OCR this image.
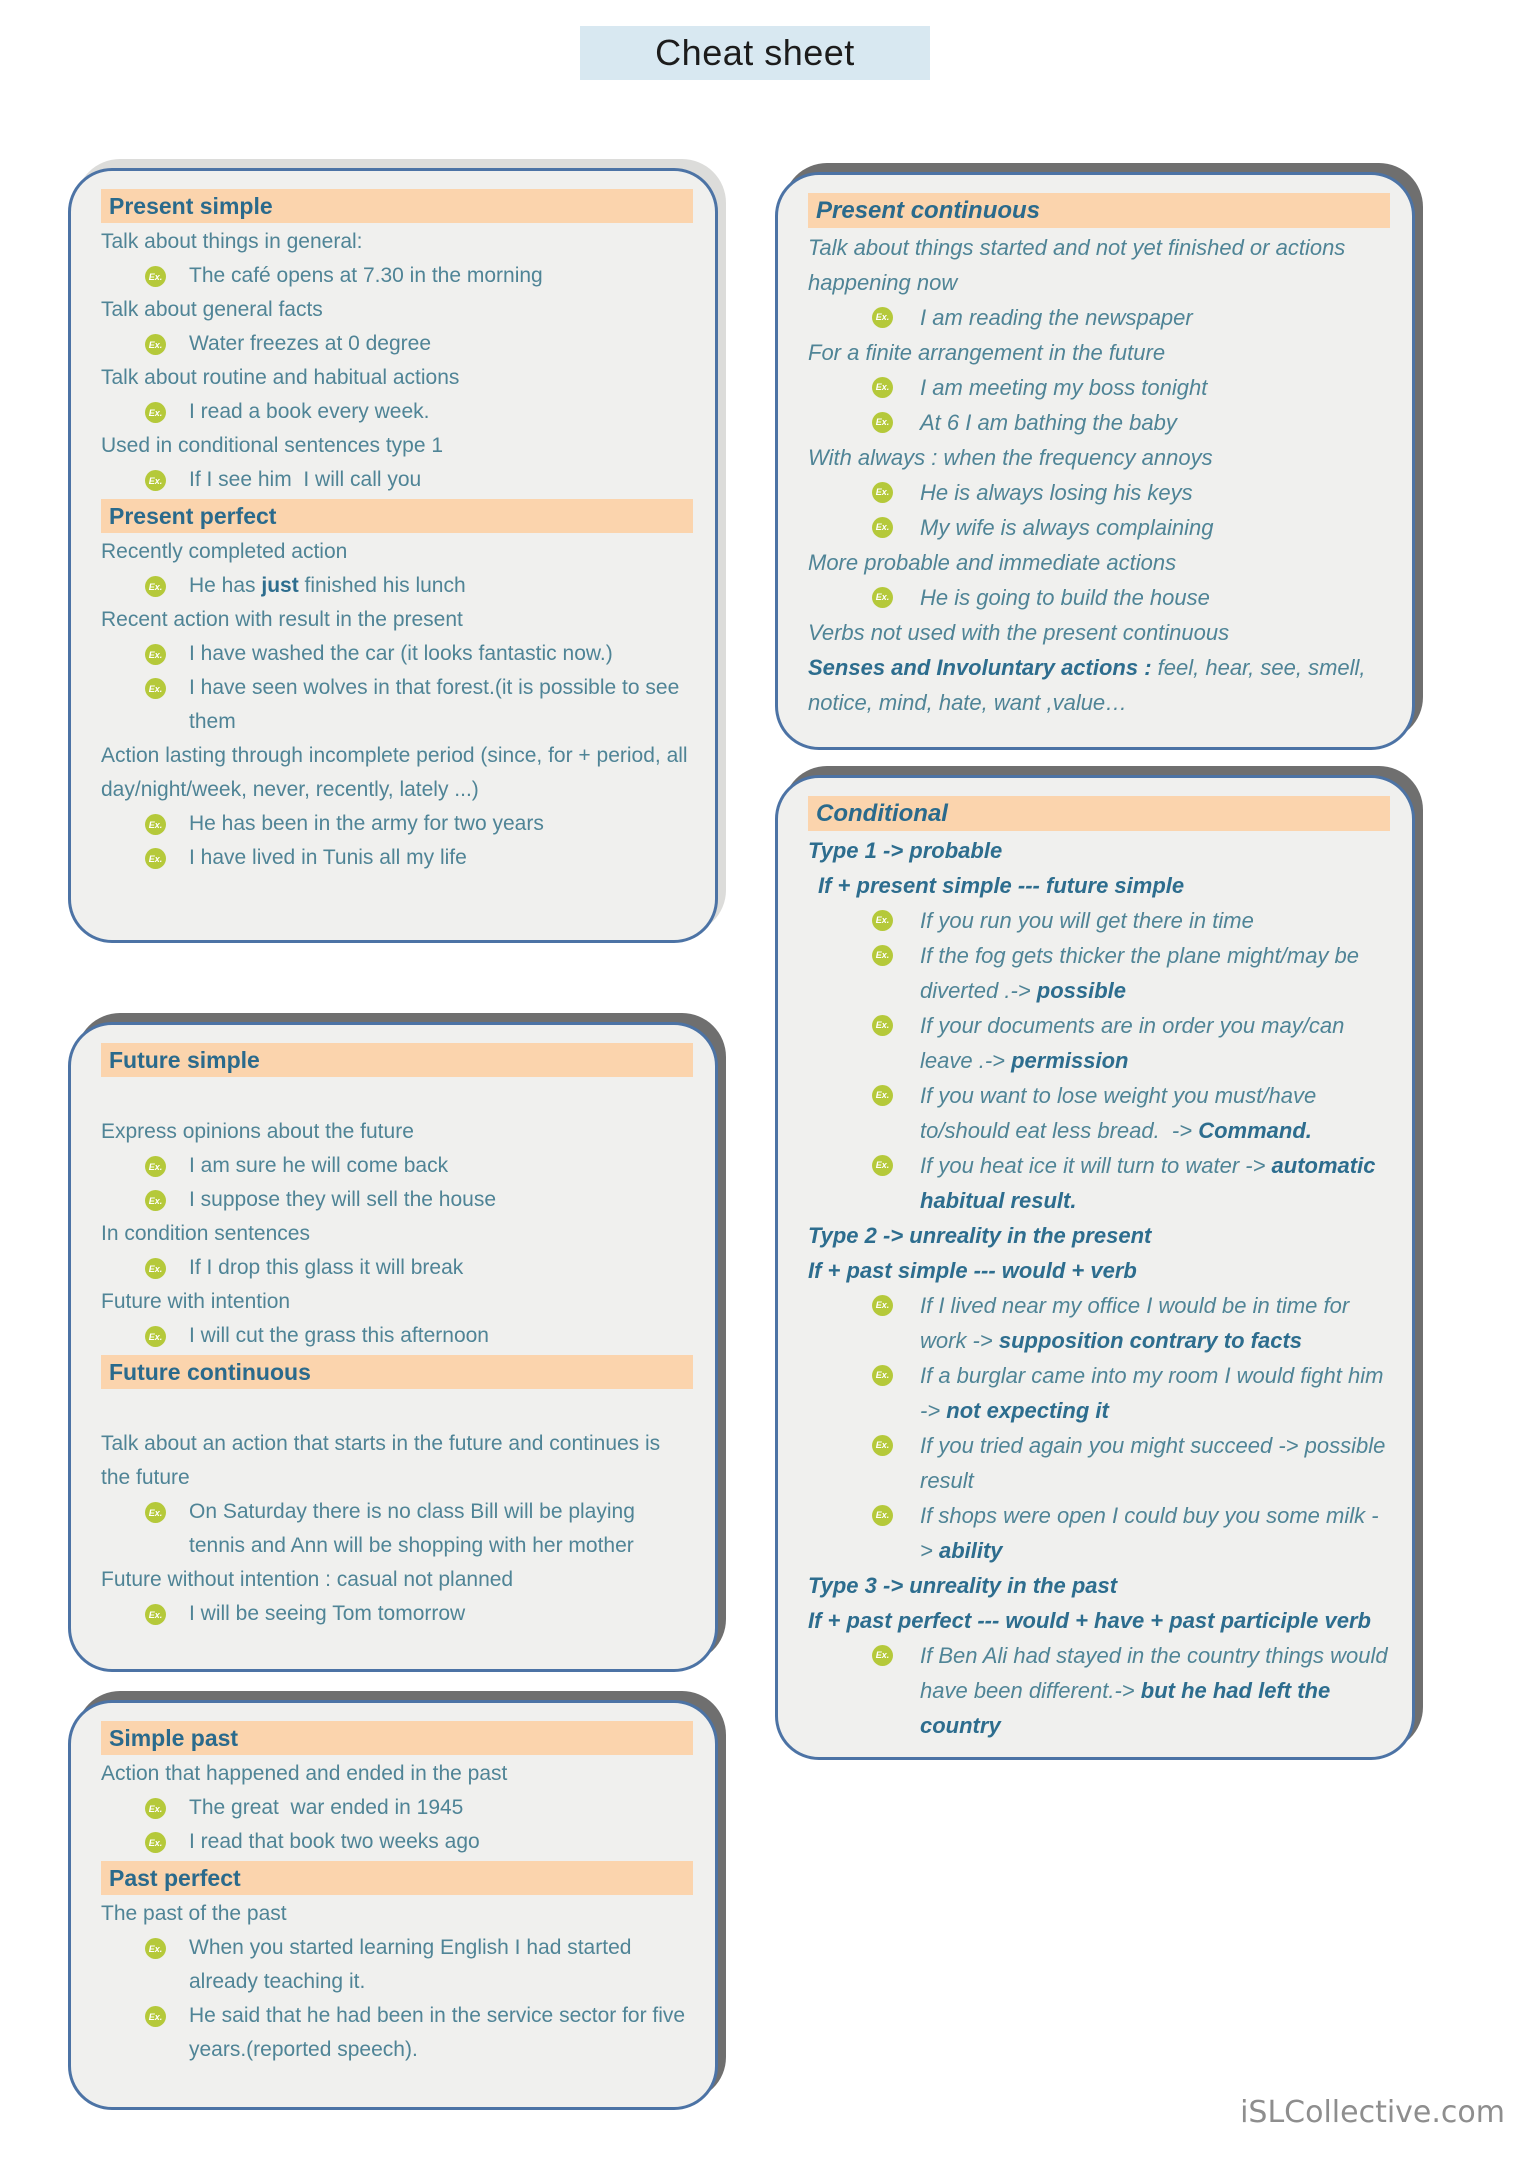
Cheat sheet
Present simple
Talk about things in general:
Ex. The café opens at 7.30 in the morning
Talk about general facts
Ex. Water freezes at 0 degree
Talk about routine and habitual actions
Ex. I read a book every week.
Used in conditional sentences type 1
Ex. If I see him  I will call you
Present perfect
Recently completed action
Ex. He has just finished his lunch
Recent action with result in the present
Ex. I have washed the car (it looks fantastic now.)
Ex. I have seen wolves in that forest.(it is possible to see them
Action lasting through incomplete period (since, for + period, all day/night/week, never, recently, lately ...)
Ex. He has been in the army for two years
Ex. I have lived in Tunis all my life
Present continuous
Talk about things started and not yet finished or actions happening now
Ex. I am reading the newspaper
For a finite arrangement in the future
Ex. I am meeting my boss tonight
Ex. At 6 I am bathing the baby
With always : when the frequency annoys
Ex. He is always losing his keys
Ex. My wife is always complaining
More probable and immediate actions
Ex. He is going to build the house
Verbs not used with the present continuous
Senses and Involuntary actions : feel, hear, see, smell, notice, mind, hate, want ,value…
Conditional
Type 1 -> probable
If + present simple --- future simple
Ex. If you run you will get there in time
Ex. If the fog gets thicker the plane might/may be diverted .-> possible
Ex. If your documents are in order you may/can leave .-> permission
Ex. If you want to lose weight you must/have to/should eat less bread.  -> Command.
Ex. If you heat ice it will turn to water -> automatic habitual result.
Type 2 -> unreality in the present
If + past simple --- would + verb
Ex. If I lived near my office I would be in time for work -> supposition contrary to facts
Ex. If a burglar came into my room I would fight him -> not expecting it
Ex. If you tried again you might succeed -> possible result
Ex. If shops were open I could buy you some milk -> ability
Type 3 -> unreality in the past
If + past perfect --- would + have + past participle verb
Ex. If Ben Ali had stayed in the country things would have been different.-> but he had left the country
Future simple
Express opinions about the future
Ex. I am sure he will come back
Ex. I suppose they will sell the house
In condition sentences
Ex. If I drop this glass it will break
Future with intention
Ex. I will cut the grass this afternoon
Future continuous
Talk about an action that starts in the future and continues is the future
Ex. On Saturday there is no class Bill will be playing tennis and Ann will be shopping with her mother
Future without intention : casual not planned
Ex. I will be seeing Tom tomorrow
Simple past
Action that happened and ended in the past
Ex. The great  war ended in 1945
Ex. I read that book two weeks ago
Past perfect
The past of the past
Ex. When you started learning English I had started already teaching it.
Ex. He said that he had been in the service sector for five years.(reported speech).
iSLCollective.com
